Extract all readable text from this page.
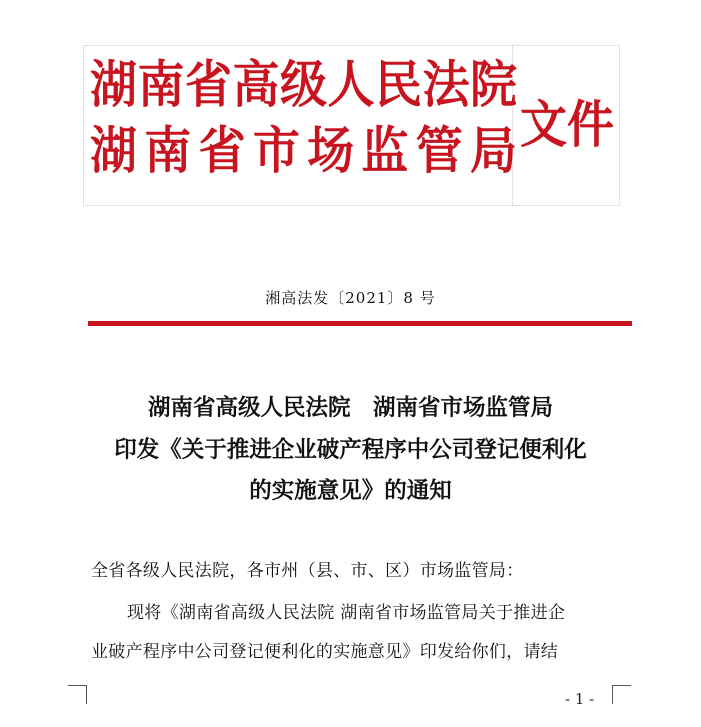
湖南省高级人民法院
湖南省市场监管局 文件
湘高法发〔2021〕8 号
湖南省高级人民法院　湖南省市场监管局
印发《关于推进企业破产程序中公司登记便利化
的实施意见》的通知
全省各级人民法院，各市州（县、市、区）市场监管局：
现将《湖南省高级人民法院 湖南省市场监管局关于推进企
业破产程序中公司登记便利化的实施意见》印发给你们，请结
- 1 -
